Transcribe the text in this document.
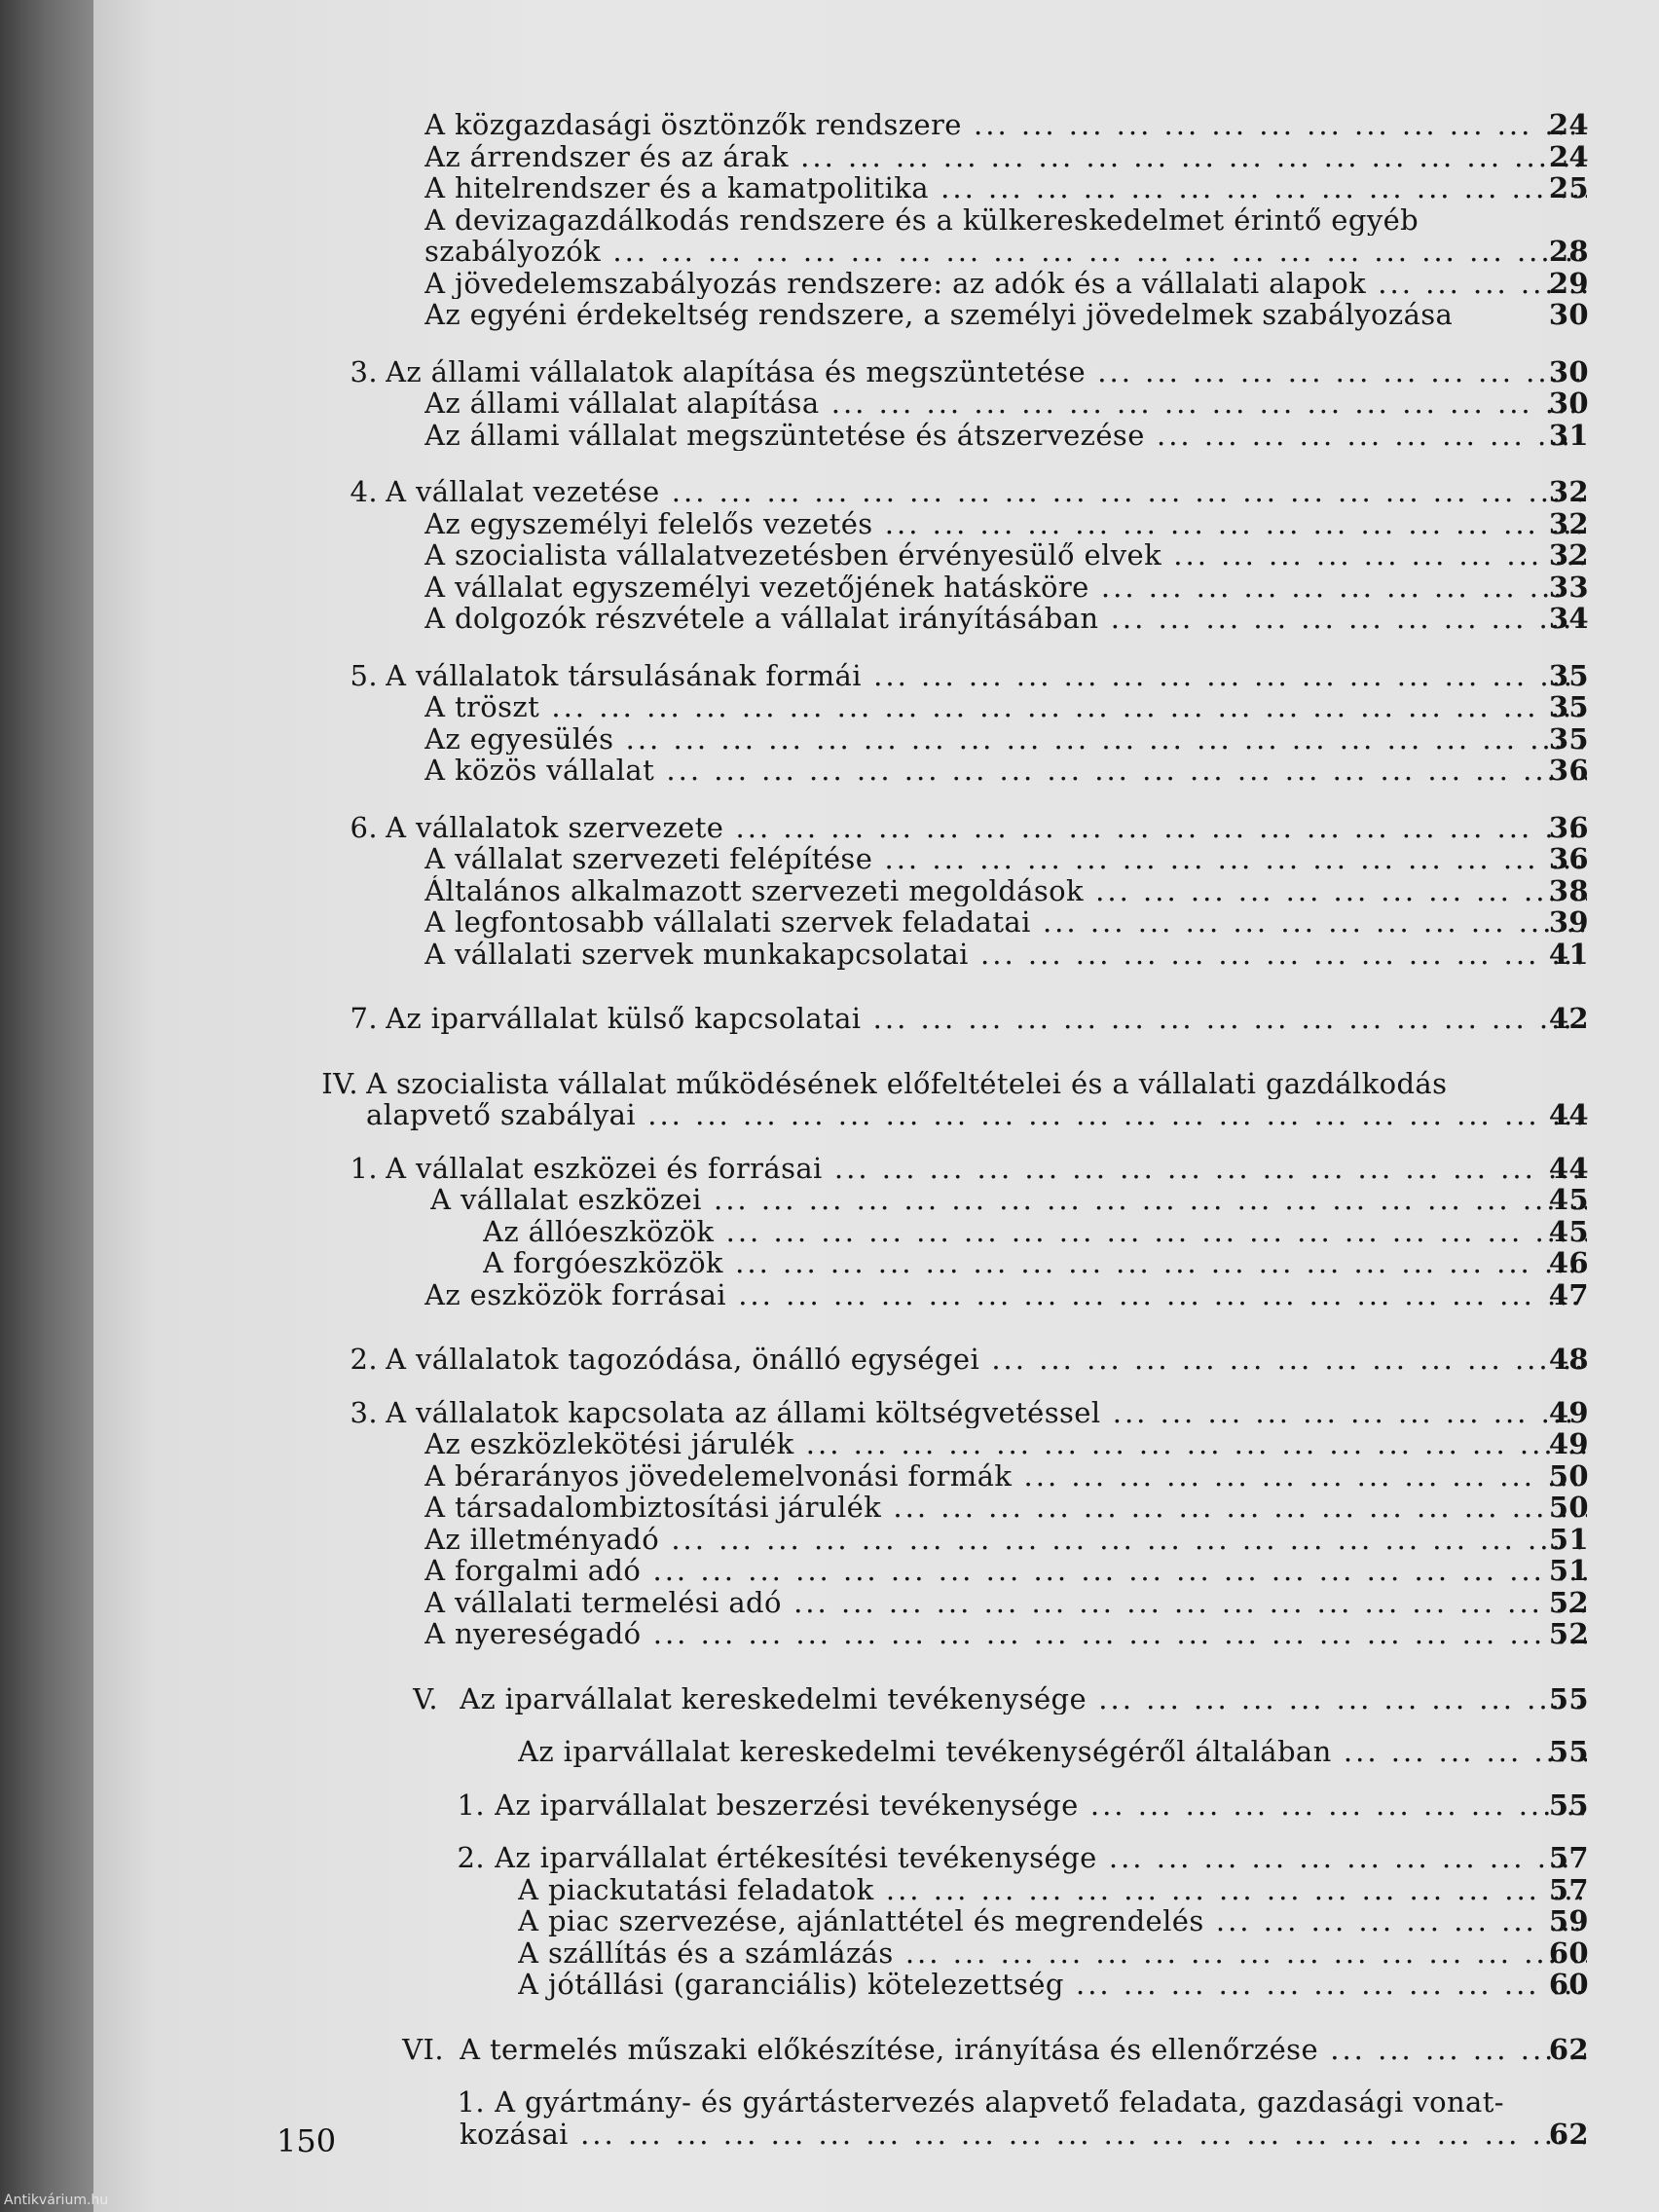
A közgazdasági ösztönzők rendszere ... .	24
Az árrendszer és az árak ... .	24
A hitelrendszer és a kamatpolitika ... .	25
A devizagazdálkodás rendszere és a külkereskedelmet érintő egyéb
szabályozók ... .	28
A jövedelemszabályozás rendszere: az adók és a vállalati alapok ... .	29
Az egyéni érdekeltség rendszere, a személyi jövedelmek szabályozása	30
3. Az állami vállalatok alapítása és megszüntetése ... .	30
Az állami vállalat alapítása ... .	30
Az állami vállalat megszüntetése és átszervezése ... .	31
4. A vállalat vezetése ... .	32
Az egyszemélyi felelős vezetés ... .	32
A szocialista vállalatvezetésben érvényesülő elvek ... .	32
A vállalat egyszemélyi vezetőjének hatásköre ... .	33
A dolgozók részvétele a vállalat irányításában ... .	34
5. A vállalatok társulásának formái ... .	35
A tröszt ... .	35
Az egyesülés ... .	35
A közös vállalat ... .	36
6. A vállalatok szervezete ... .	36
A vállalat szervezeti felépítése ... .	36
Általános alkalmazott szervezeti megoldások ... .	38
A legfontosabb vállalati szervek feladatai ... .	39
A vállalati szervek munkakapcsolatai ... .	41
7. Az iparvállalat külső kapcsolatai ... .	42
IV. A szocialista vállalat működésének előfeltételei és a vállalati gazdálkodás
alapvető szabályai ... .	44
1. A vállalat eszközei és forrásai ... .	44
A vállalat eszközei ... .	45
Az állóeszközök ... .	45
A forgóeszközök ... .	46
Az eszközök forrásai ... .	47
2. A vállalatok tagozódása, önálló egységei ... .	48
3. A vállalatok kapcsolata az állami költségvetéssel ... .	49
Az eszközlekötési járulék ... .	49
A bérarányos jövedelemelvonási formák ... .	50
A társadalombiztosítási járulék ... .	50
Az illetményadó ... .	51
A forgalmi adó ... .	51
A vállalati termelési adó ... .	52
A nyereségadó ... .	52
V. Az iparvállalat kereskedelmi tevékenysége ... .	55
Az iparvállalat kereskedelmi tevékenységéről általában ... .	55
1. Az iparvállalat beszerzési tevékenysége ... .	55
2. Az iparvállalat értékesítési tevékenysége ... .	57
A piackutatási feladatok ... .	57
A piac szervezése, ajánlattétel és megrendelés ... .	59
A szállítás és a számlázás ... .	60
A jótállási (garanciális) kötelezettség ... .	60
VI. A termelés műszaki előkészítése, irányítása és ellenőrzése ... .	62
1. A gyártmány- és gyártástervezés alapvető feladata, gazdasági vonat-
kozásai ... .	62
150
Antikvárium.hu
